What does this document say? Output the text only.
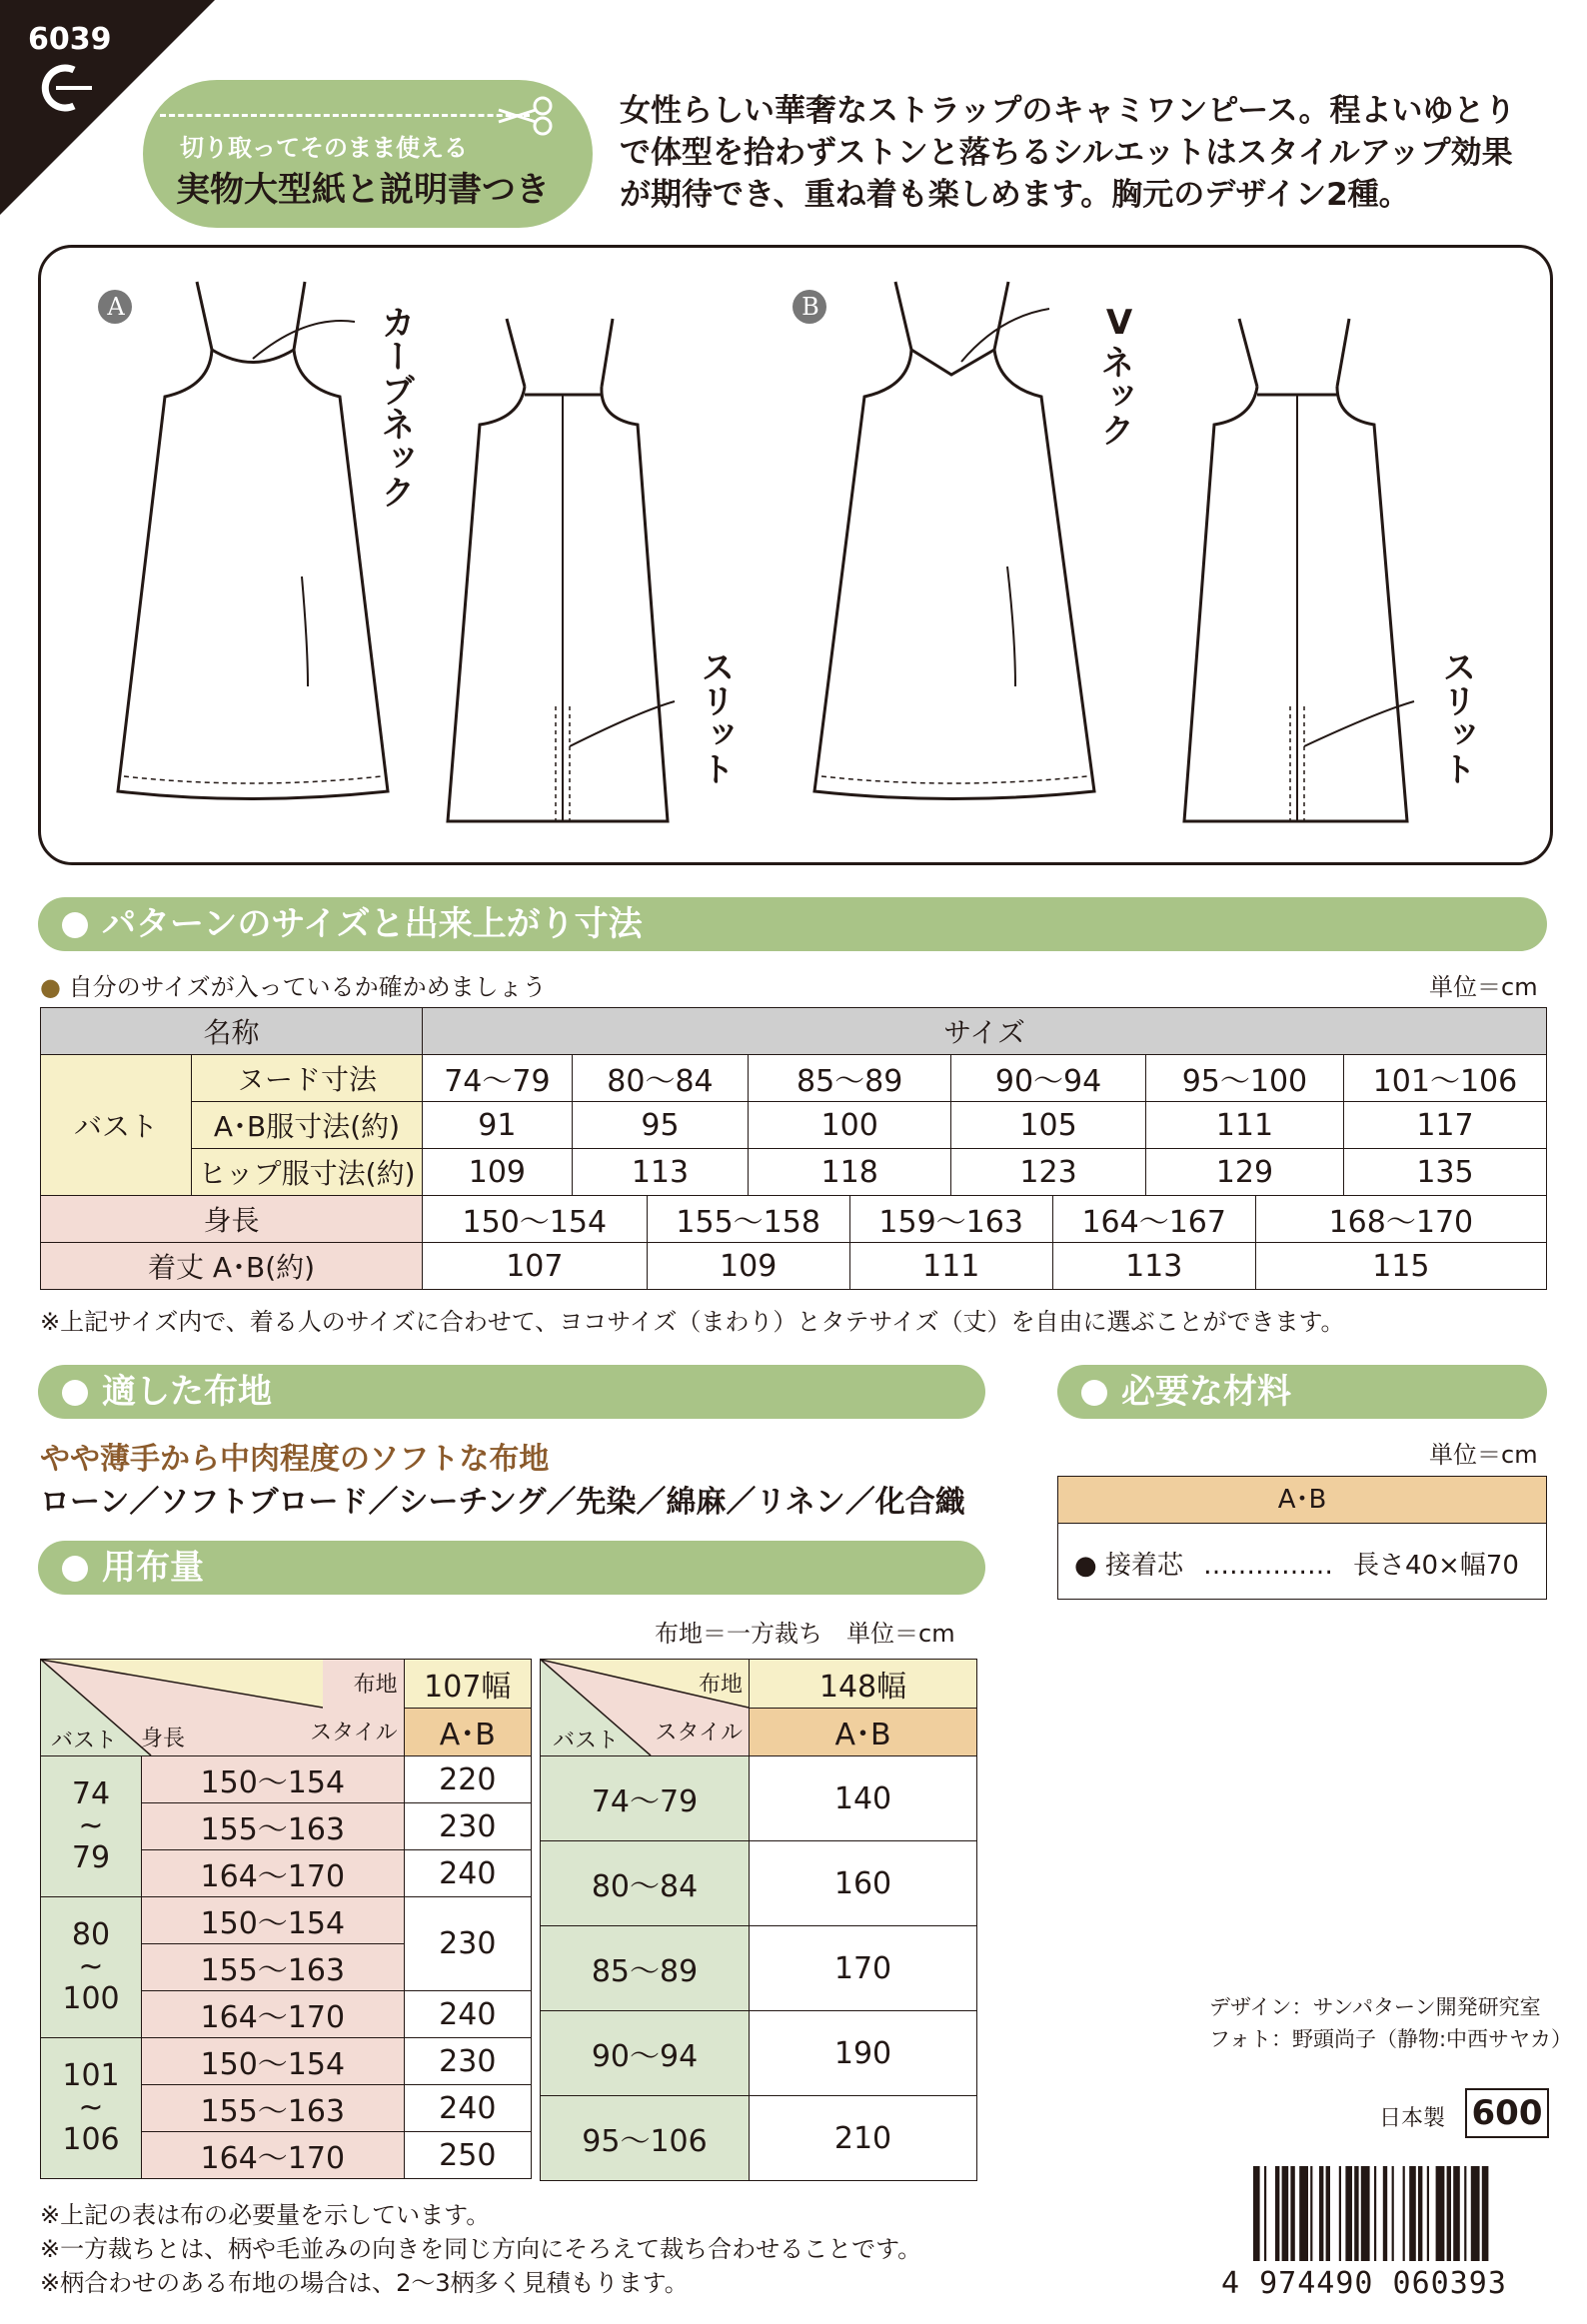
6039
切り取ってそのまま使える
実物大型紙と説明書つき
女性らしい華奢なストラップのキャミワンピース。程よいゆとり
で体型を拾わずストンと落ちるシルエットはスタイルアップ効果
が期待でき、重ね着も楽しめます。胸元のデザイン2種。
A	B
カーブネック	V
ネック
スリット	スリット
パターンのサイズと出来上がり寸法
● 自分のサイズが入っているか確かめましょう	単位＝cm
名称		サイズ									
バスト	ヌード寸法	74〜79	80〜84		85〜89		90〜94		95〜100		101〜106
	A･B服寸法(約)	91	95		100		105		111		117
	ヒップ服寸法(約)	109	113		118		123		129		135
身長		150〜154		155〜158		159〜163		164〜167		168〜170	
着丈 A･B(約)		107		109		111		113		115	
※上記サイズ内で、着る人のサイズに合わせて、ヨコサイズ（まわり）とタテサイズ（丈）を自由に選ぶことができます。
適した布地
やや薄手から中肉程度のソフトな布地
ローン／ソフトブロード／シーチング／先染／綿麻／リネン／化合織
必要な材料
単位＝cm
A･B
● 接着芯 …………… 長さ40×幅70
用布量
布地＝一方裁ち　単位＝cm
布地
スタイル
バスト 身長		107幅
		A･B

74
~
79	150〜154	220
	155〜163	230
	164〜170	240

80
~
100	150〜154	230
	155〜163	
	164〜170	240

101
~
106	150〜154	230
	155〜163	240
	164〜170	250
布地
スタイル
バスト	148幅
	A･B
74〜79	140
80〜84	160
85〜89	170
90〜94	190
95〜106	210
※上記の表は布の必要量を示しています。
※一方裁ちとは、柄や毛並みの向きを同じ方向にそろえて裁ち合わせることです。
※柄合わせのある布地の場合は、2〜3柄多く見積もります。
デザイン：サンパターン開発研究室
フォト：野頭尚子（静物:中西サヤカ）
日本製 600
4 974490 060393
